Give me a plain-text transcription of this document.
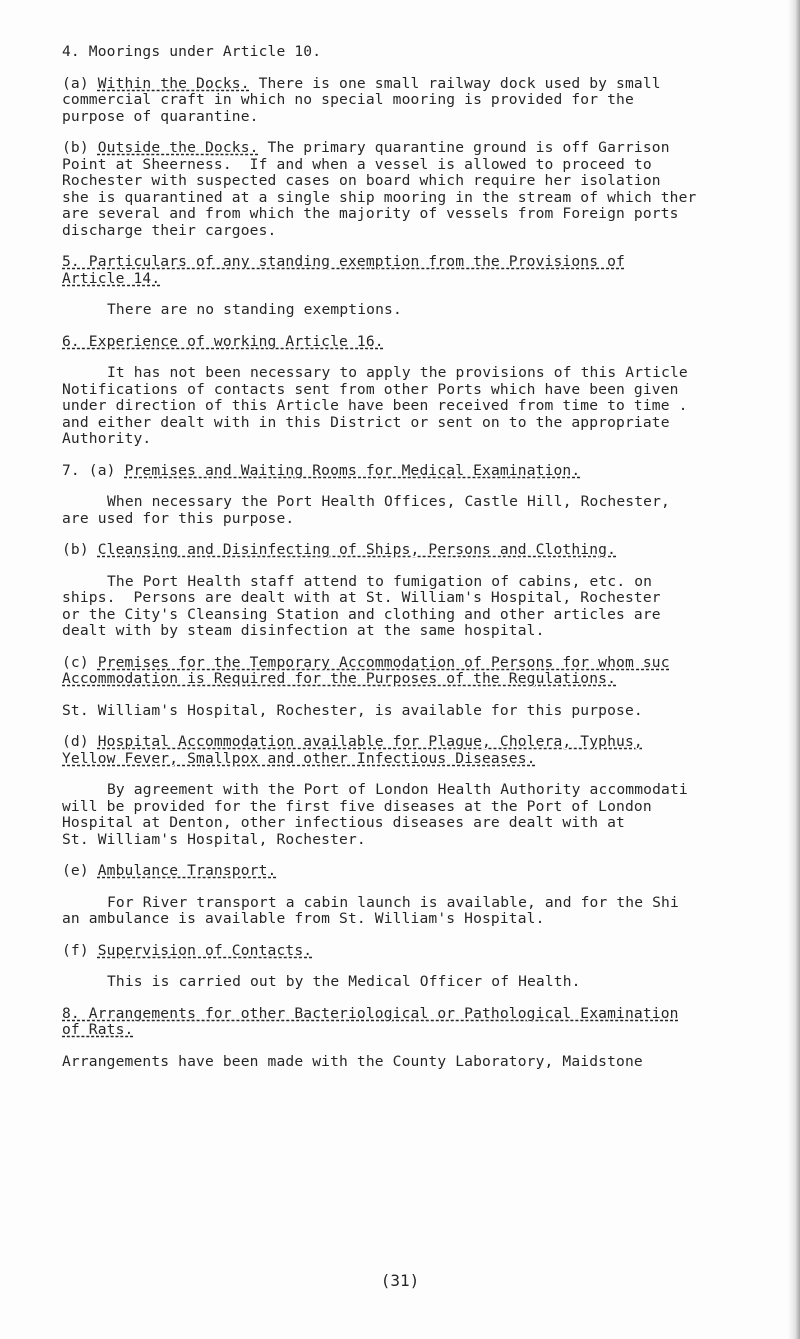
4. Moorings under Article 10.
(a) Within the Docks. There is one small railway dock used by small
commercial craft in which no special mooring is provided for the
purpose of quarantine.
(b) Outside the Docks. The primary quarantine ground is off Garrison
Point at Sheerness.  If and when a vessel is allowed to proceed to
Rochester with suspected cases on board which require her isolation
she is quarantined at a single ship mooring in the stream of which ther
are several and from which the majority of vessels from Foreign ports
discharge their cargoes.
5. Particulars of any standing exemption from the Provisions of
Article 14.
There are no standing exemptions.
6. Experience of working Article 16.
It has not been necessary to apply the provisions of this Article
Notifications of contacts sent from other Ports which have been given
under direction of this Article have been received from time to time .
and either dealt with in this District or sent on to the appropriate
Authority.
7. (a) Premises and Waiting Rooms for Medical Examination.
When necessary the Port Health Offices, Castle Hill, Rochester,
are used for this purpose.
(b) Cleansing and Disinfecting of Ships, Persons and Clothing.
The Port Health staff attend to fumigation of cabins, etc. on
ships.  Persons are dealt with at St. William's Hospital, Rochester
or the City's Cleansing Station and clothing and other articles are
dealt with by steam disinfection at the same hospital.
(c) Premises for the Temporary Accommodation of Persons for whom suc
Accommodation is Required for the Purposes of the Regulations.
St. William's Hospital, Rochester, is available for this purpose.
(d) Hospital Accommodation available for Plague, Cholera, Typhus,
Yellow Fever, Smallpox and other Infectious Diseases.
By agreement with the Port of London Health Authority accommodati
will be provided for the first five diseases at the Port of London
Hospital at Denton, other infectious diseases are dealt with at
St. William's Hospital, Rochester.
(e) Ambulance Transport.
For River transport a cabin launch is available, and for the Shi
an ambulance is available from St. William's Hospital.
(f) Supervision of Contacts.
This is carried out by the Medical Officer of Health.
8. Arrangements for other Bacteriological or Pathological Examination
of Rats.
Arrangements have been made with the County Laboratory, Maidstone
(31)
